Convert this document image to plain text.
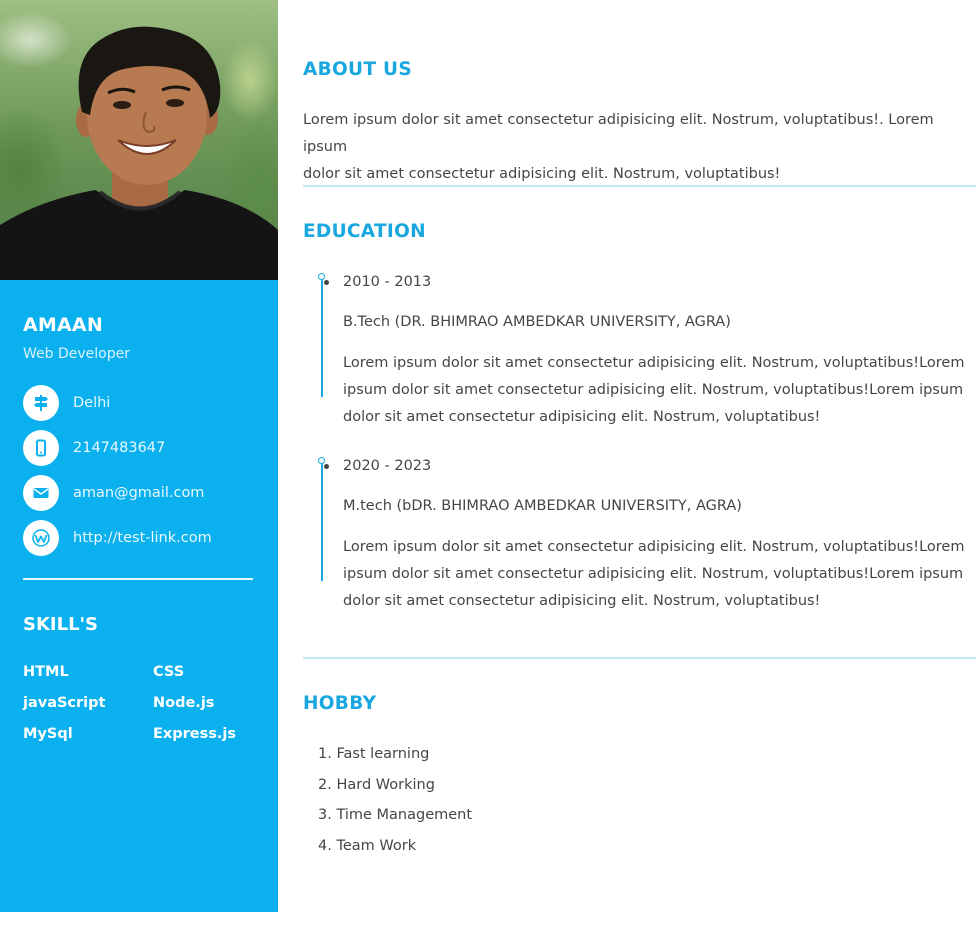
AMAAN
Web Developer
Delhi
2147483647
aman@gmail.com
http://test-link.com
SKILL'S
HTML	CSS
javaScript	Node.js
MySql	Express.js
ABOUT US
Lorem ipsum dolor sit amet consectetur adipisicing elit. Nostrum, voluptatibus!. Lorem ipsum
dolor sit amet consectetur adipisicing elit. Nostrum, voluptatibus!
EDUCATION
2010 - 2013
B.Tech (DR. BHIMRAO AMBEDKAR UNIVERSITY, AGRA)
Lorem ipsum dolor sit amet consectetur adipisicing elit. Nostrum, voluptatibus!Lorem
ipsum dolor sit amet consectetur adipisicing elit. Nostrum, voluptatibus!Lorem ipsum
dolor sit amet consectetur adipisicing elit. Nostrum, voluptatibus!
2020 - 2023
M.tech (bDR. BHIMRAO AMBEDKAR UNIVERSITY, AGRA)
Lorem ipsum dolor sit amet consectetur adipisicing elit. Nostrum, voluptatibus!Lorem
ipsum dolor sit amet consectetur adipisicing elit. Nostrum, voluptatibus!Lorem ipsum
dolor sit amet consectetur adipisicing elit. Nostrum, voluptatibus!
HOBBY
1. Fast learning
2. Hard Working
3. Time Management
4. Team Work
